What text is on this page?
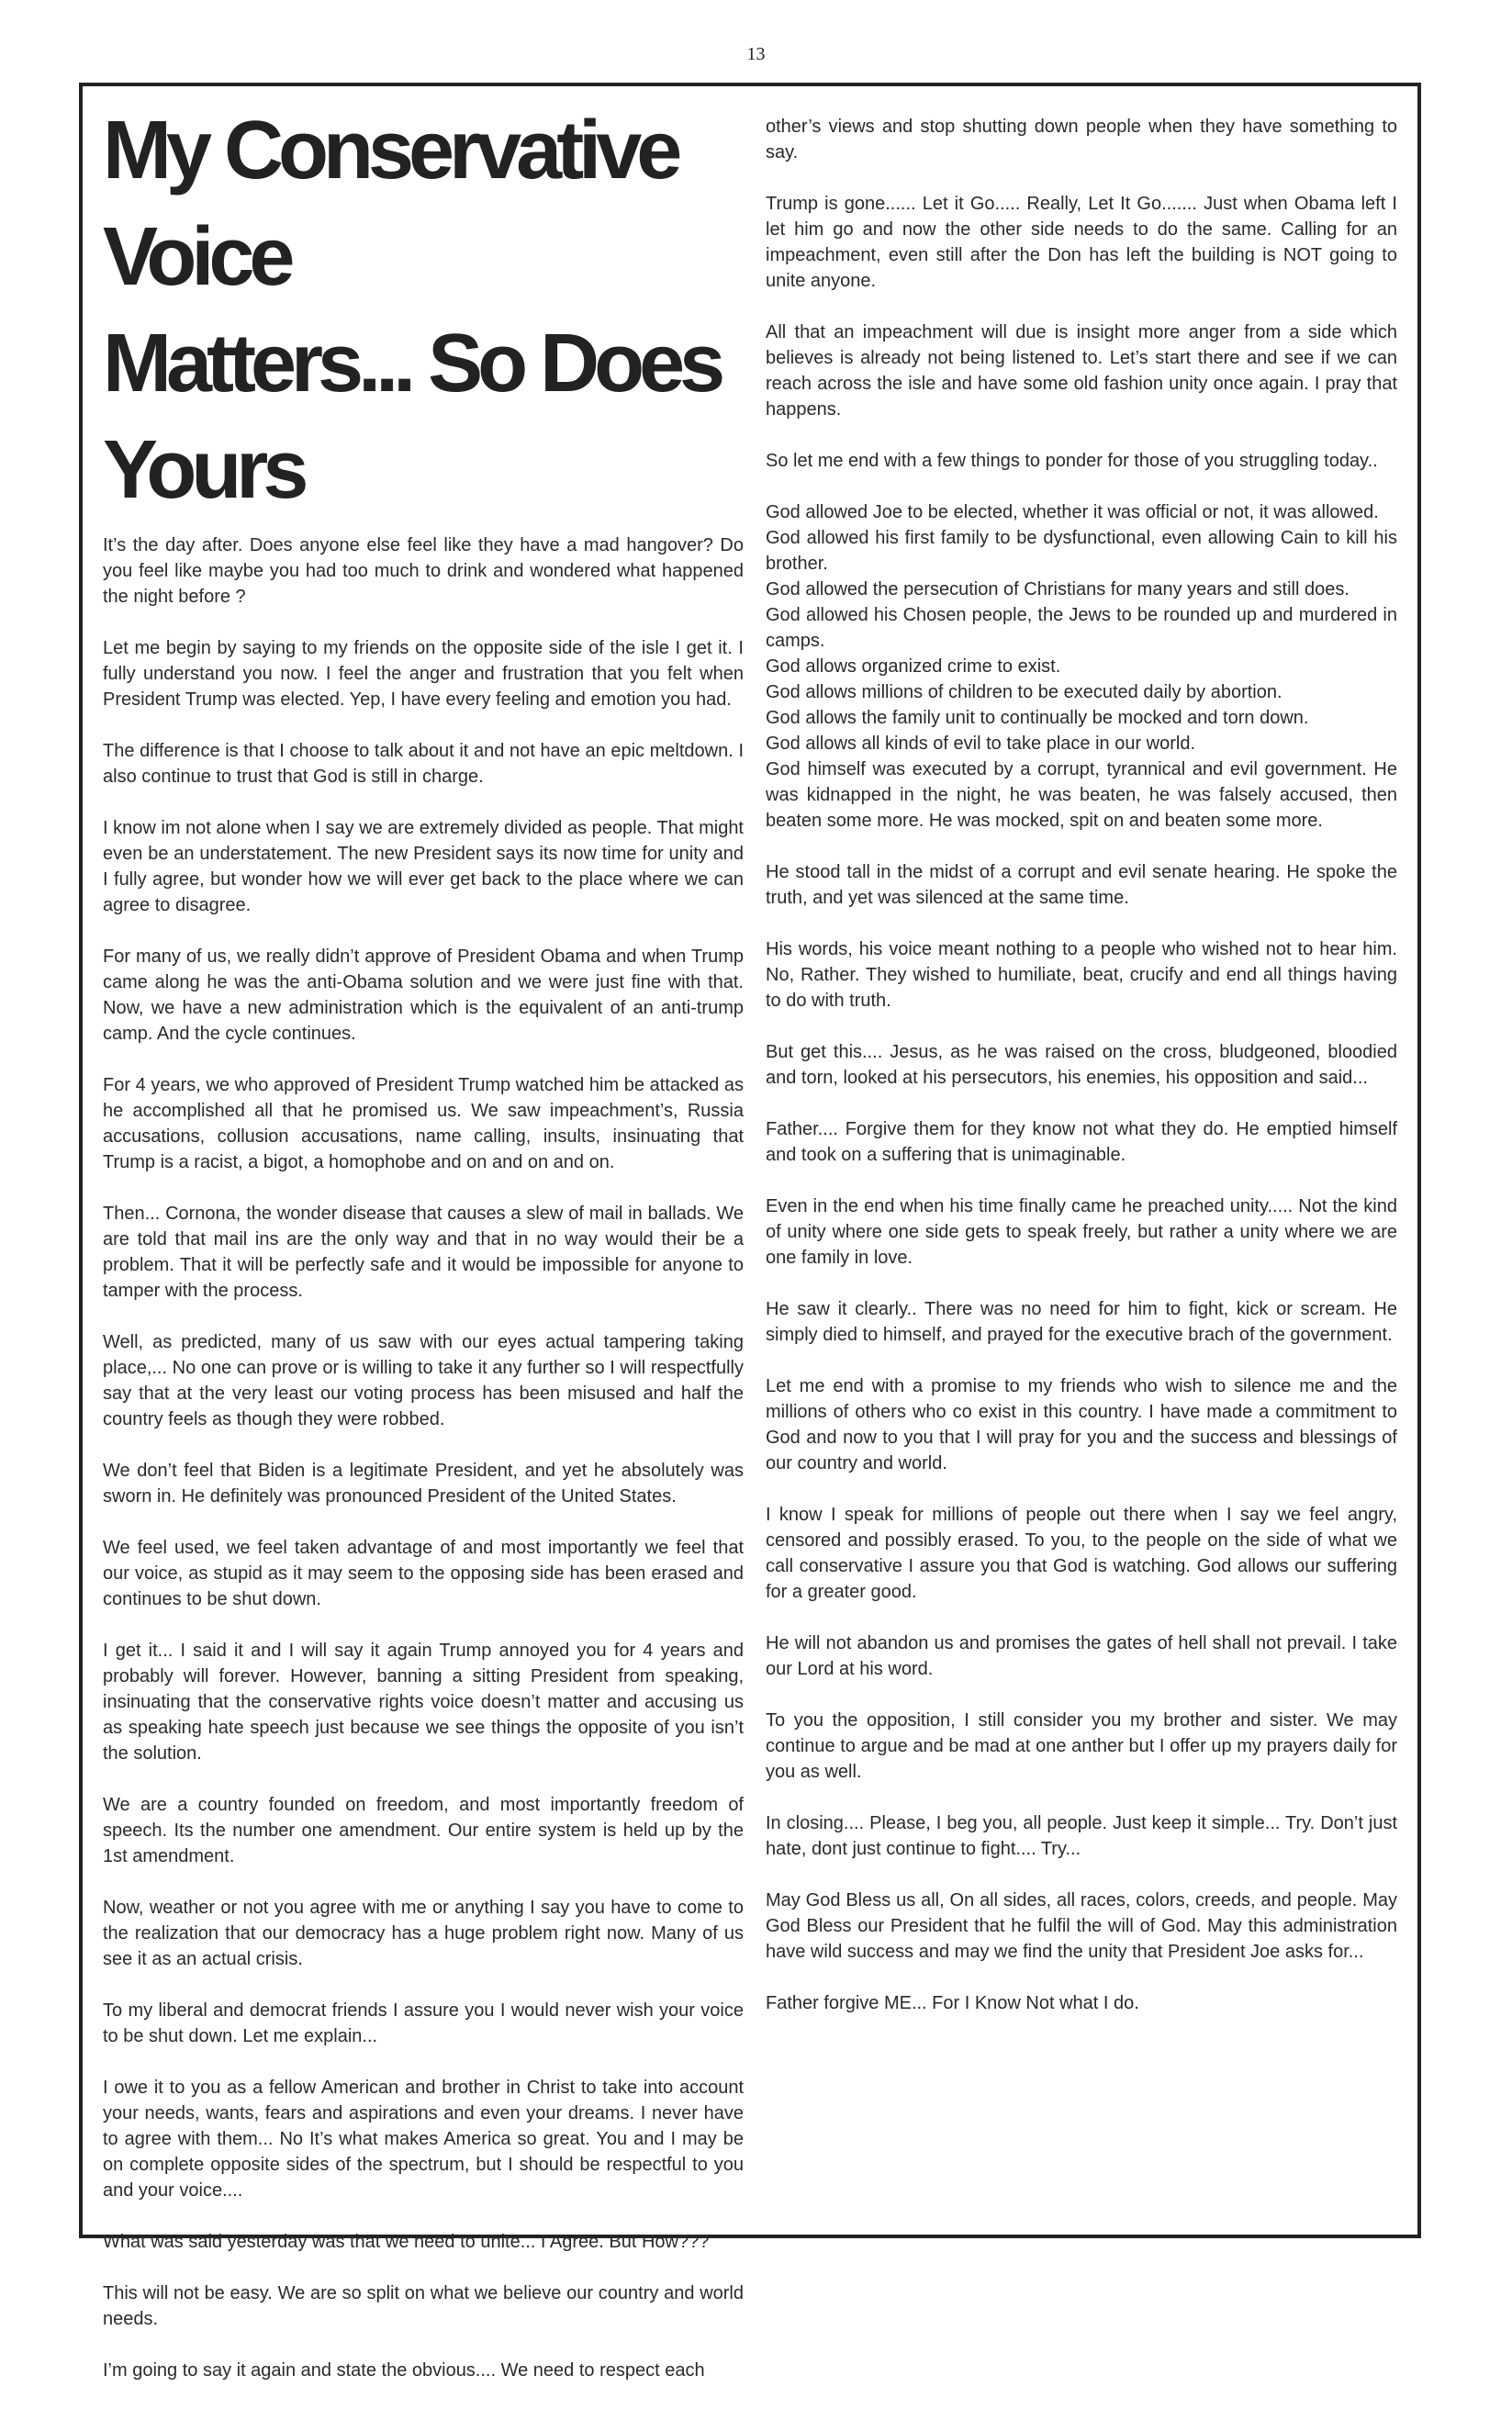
13
My Conservative Voice
Matters... So Does Yours

It’s the day after. Does anyone else feel like they have a mad hangover? Do you feel like maybe you had too much to drink and wondered what happened the night before ?

Let me begin by saying to my friends on the opposite side of the isle I get it. I fully understand you now. I feel the anger and frustration that you felt when President Trump was elected. Yep, I have every feeling and emotion you had.

The difference is that I choose to talk about it and not have an epic meltdown. I also continue to trust that God is still in charge.

I know im not alone when I say we are extremely divided as people. That might even be an understatement. The new President says its now time for unity and I fully agree, but wonder how we will ever get back to the place where we can agree to disagree.

For many of us, we really didn’t approve of President Obama and when Trump came along he was the anti-Obama solution and we were just fine with that. Now, we have a new administration which is the equivalent of an anti-trump camp. And the cycle continues.

For 4 years, we who approved of President Trump watched him be attacked as he accomplished all that he promised us. We saw impeachment’s, Russia accusations, collusion accusations, name calling, insults, insinuating that Trump is a racist, a bigot, a homophobe and on and on and on.

Then... Cornona, the wonder disease that causes a slew of mail in ballads. We are told that mail ins are the only way and that in no way would their be a problem. That it will be perfectly safe and it would be impossible for anyone to tamper with the process.

Well, as predicted, many of us saw with our eyes actual tampering taking place,... No one can prove or is willing to take it any further so I will respectfully say that at the very least our voting process has been misused and half the country feels as though they were robbed.

We don’t feel that Biden is a legitimate President, and yet he absolutely was sworn in. He definitely was pronounced President of the United States.

We feel used, we feel taken advantage of and most importantly we feel that our voice, as stupid as it may seem to the opposing side has been erased and continues to be shut down.

I get it... I said it and I will say it again Trump annoyed you for 4 years and probably will forever. However, banning a sitting President from speaking, insinuating that the conservative rights voice doesn’t matter and accusing us as speaking hate speech just because we see things the opposite of you isn’t the solution.

We are a country founded on freedom, and most importantly freedom of speech. Its the number one amendment. Our entire system is held up by the 1st amendment.

Now, weather or not you agree with me or anything I say you have to come to the realization that our democracy has a huge problem right now. Many of us see it as an actual crisis.

To my liberal and democrat friends I assure you I would never wish your voice to be shut down. Let me explain...

I owe it to you as a fellow American and brother in Christ to take into account your needs, wants, fears and aspirations and even your dreams. I never have to agree with them... No It’s what makes America so great. You and I may be on complete opposite sides of the spectrum, but I should be respectful to you and your voice....

What was said yesterday was that we need to unite... I Agree. But How???

This will not be easy. We are so split on what we believe our country and world needs.

I’m going to say it again and state the obvious.... We need to respect each

other’s views and stop shutting down people when they have something to say.

Trump is gone...... Let it Go..... Really, Let It Go....... Just when Obama left I let him go and now the other side needs to do the same. Calling for an impeachment, even still after the Don has left the building is NOT going to unite anyone.

All that an impeachment will due is insight more anger from a side which believes is already not being listened to. Let’s start there and see if we can reach across the isle and have some old fashion unity once again. I pray that happens.

So let me end with a few things to ponder for those of you struggling today..

God allowed Joe to be elected, whether it was official or not, it was allowed.

God allowed his first family to be dysfunctional, even allowing Cain to kill his brother.

God allowed the persecution of Christians for many years and still does.

God allowed his Chosen people, the Jews to be rounded up and murdered in camps.

God allows organized crime to exist.

God allows millions of children to be executed daily by abortion.

God allows the family unit to continually be mocked and torn down.

God allows all kinds of evil to take place in our world.

God himself was executed by a corrupt, tyrannical and evil government. He was kidnapped in the night, he was beaten, he was falsely accused, then beaten some more. He was mocked, spit on and beaten some more.

He stood tall in the midst of a corrupt and evil senate hearing. He spoke the truth, and yet was silenced at the same time.

His words, his voice meant nothing to a people who wished not to hear him. No, Rather. They wished to humiliate, beat, crucify and end all things having to do with truth.

But get this.... Jesus, as he was raised on the cross, bludgeoned, bloodied and torn, looked at his persecutors, his enemies, his opposition and said...

Father.... Forgive them for they know not what they do. He emptied himself and took on a suffering that is unimaginable.

Even in the end when his time finally came he preached unity..... Not the kind of unity where one side gets to speak freely, but rather a unity where we are one family in love.

He saw it clearly.. There was no need for him to fight, kick or scream. He simply died to himself, and prayed for the executive brach of the government.

Let me end with a promise to my friends who wish to silence me and the millions of others who co exist in this country. I have made a commitment to God and now to you that I will pray for you and the success and blessings of our country and world.

I know I speak for millions of people out there when I say we feel angry, censored and possibly erased. To you, to the people on the side of what we call conservative I assure you that God is watching. God allows our suffering for a greater good.

He will not abandon us and promises the gates of hell shall not prevail. I take our Lord at his word.

To you the opposition, I still consider you my brother and sister. We may continue to argue and be mad at one anther but I offer up my prayers daily for you as well.

In closing.... Please, I beg you, all people. Just keep it simple... Try. Don’t just hate, dont just continue to fight.... Try...

May God Bless us all, On all sides, all races, colors, creeds, and people. May God Bless our President that he fulfil the will of God. May this administration have wild success and may we find the unity that President Joe asks for...

Father forgive ME... For I Know Not what I do.
